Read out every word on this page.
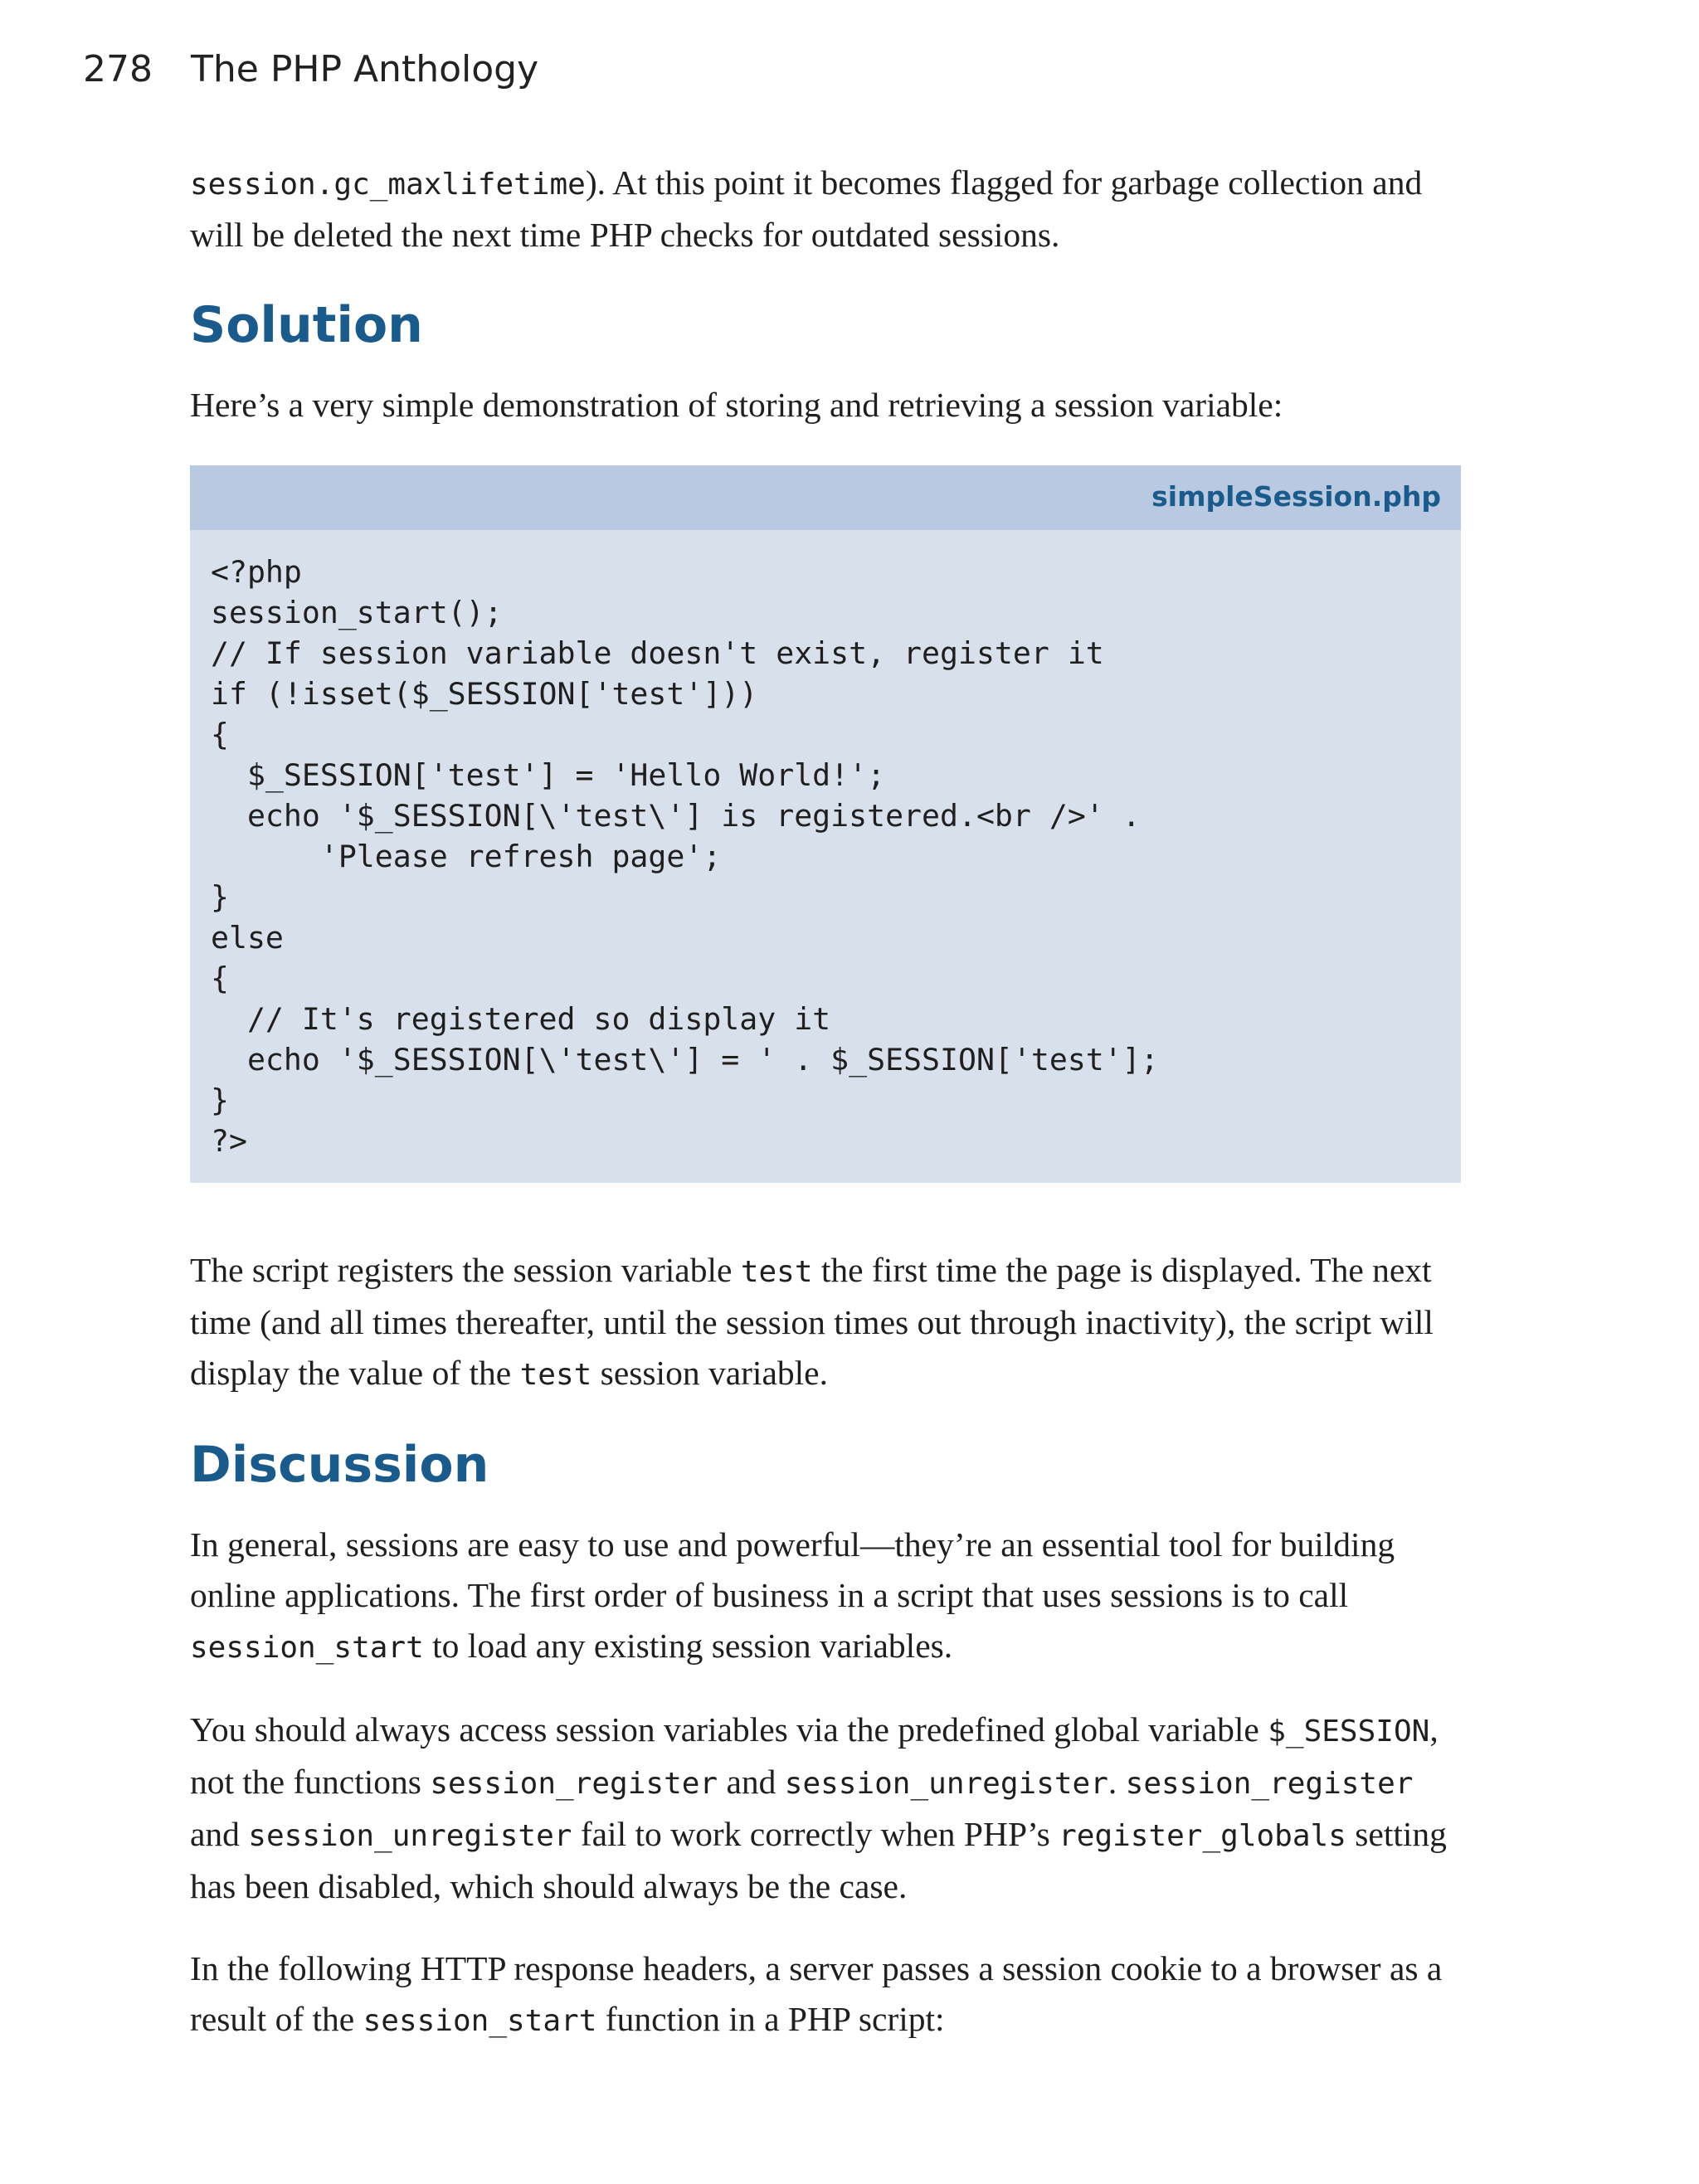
278 The PHP Anthology

session.gc_maxlifetime). At this point it becomes flagged for garbage collection and will be deleted the next time PHP checks for outdated sessions.

Solution

Here’s a very simple demonstration of storing and retrieving a session variable:

simpleSession.php
<?php
session_start();
// If session variable doesn't exist, register it
if (!isset($_SESSION['test']))
{
$_SESSION['test'] = 'Hello World!';
echo '$_SESSION[\'test\'] is registered.<br />' .
'Please refresh page';
}
else
{
// It's registered so display it
echo '$_SESSION[\'test\'] = ' . $_SESSION['test'];
}
?>

The script registers the session variable test the first time the page is displayed. The next time (and all times thereafter, until the session times out through inactivity), the script will display the value of the test session variable.

Discussion

In general, sessions are easy to use and powerful—they’re an essential tool for building online applications. The first order of business in a script that uses sessions is to call session_start to load any existing session variables.

You should always access session variables via the predefined global variable $_SESSION, not the functions session_register and session_unregister. session_register and session_unregister fail to work correctly when PHP’s register_globals setting has been disabled, which should always be the case.

In the following HTTP response headers, a server passes a session cookie to a browser as a result of the session_start function in a PHP script:
